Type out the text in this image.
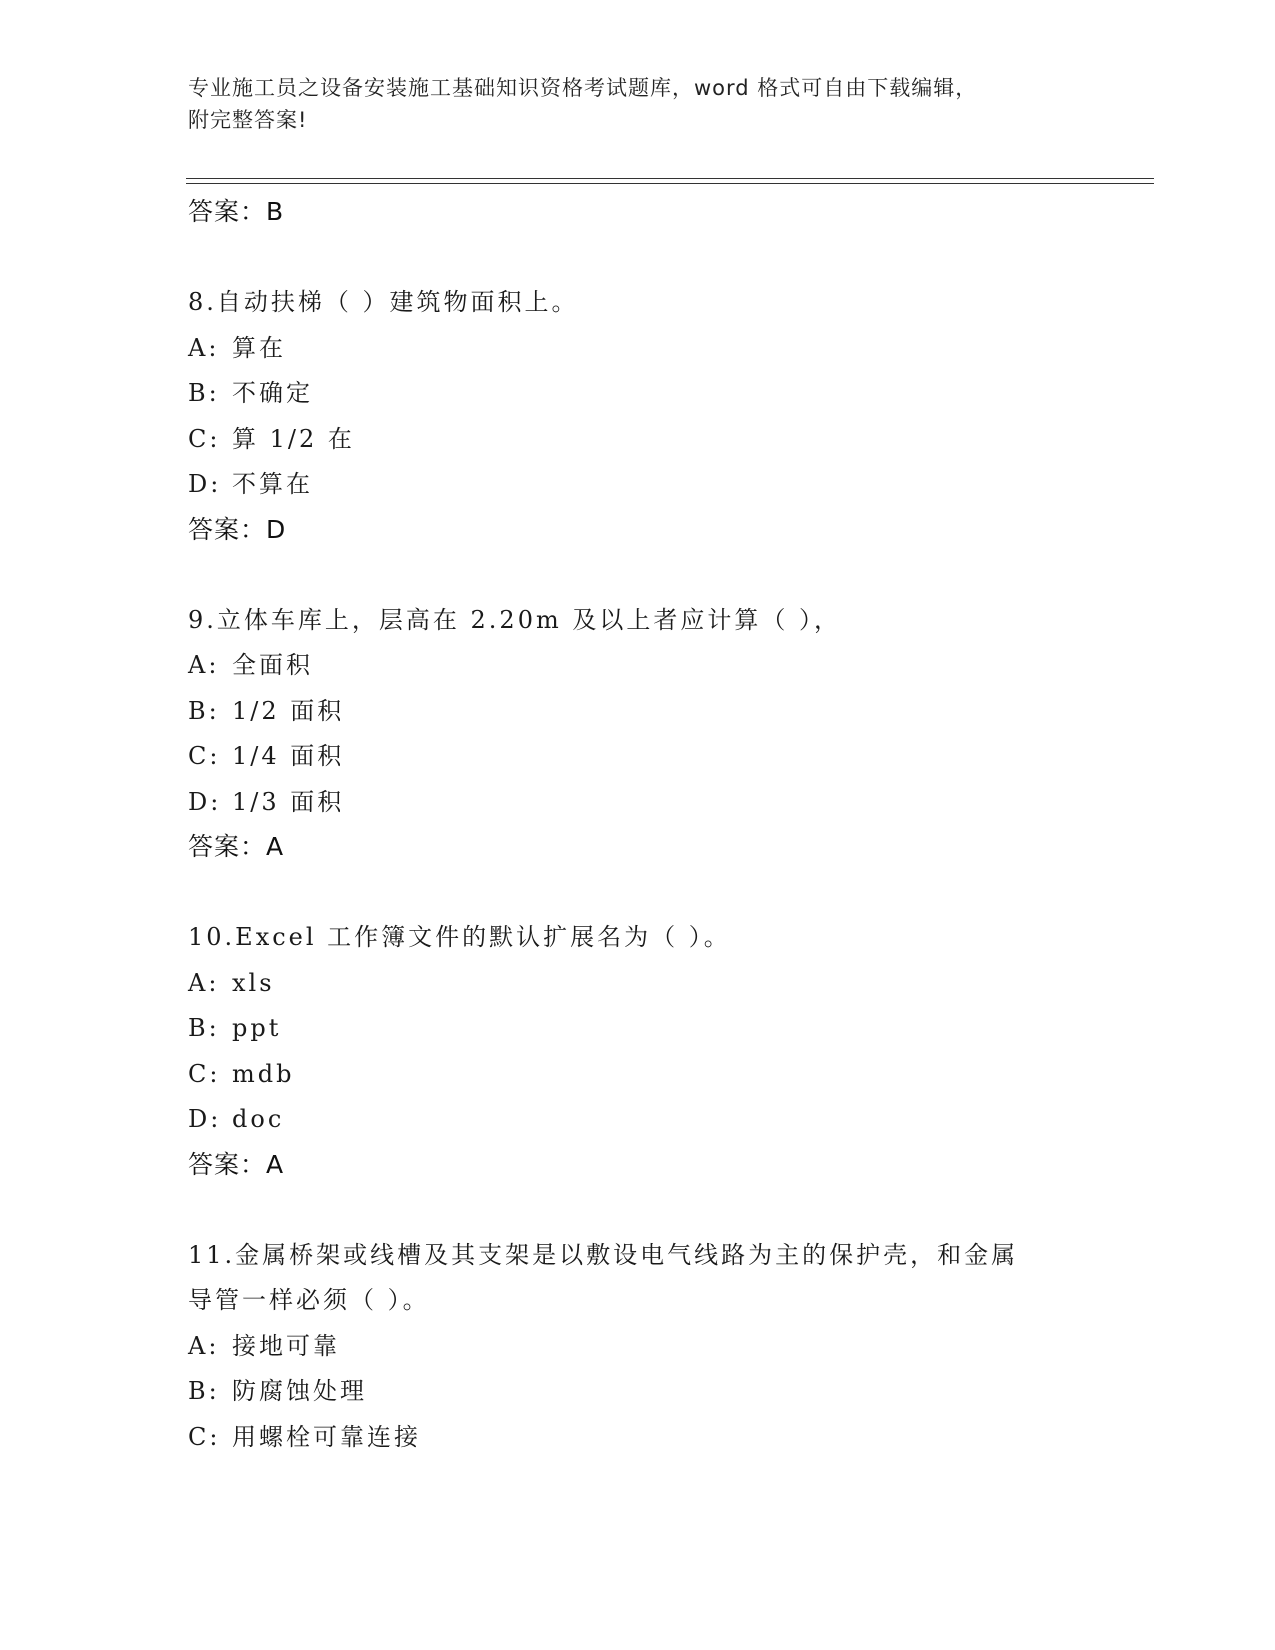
专业施工员之设备安装施工基础知识资格考试题库，word 格式可自由下载编辑，
附完整答案!
答案：B
8.自动扶梯（ ）建筑物面积上。
A: 算在
B: 不确定
C: 算 1/2 在
D: 不算在
答案：D
9.立体车库上，层高在 2.20m 及以上者应计算（ ），
A: 全面积
B: 1/2 面积
C: 1/4 面积
D: 1/3 面积
答案：A
10.Excel 工作簿文件的默认扩展名为（ ）。
A: xls
B: ppt
C: mdb
D: doc
答案：A
11.金属桥架或线槽及其支架是以敷设电气线路为主的保护壳，和金属
导管一样必须（ ）。
A: 接地可靠
B: 防腐蚀处理
C: 用螺栓可靠连接
